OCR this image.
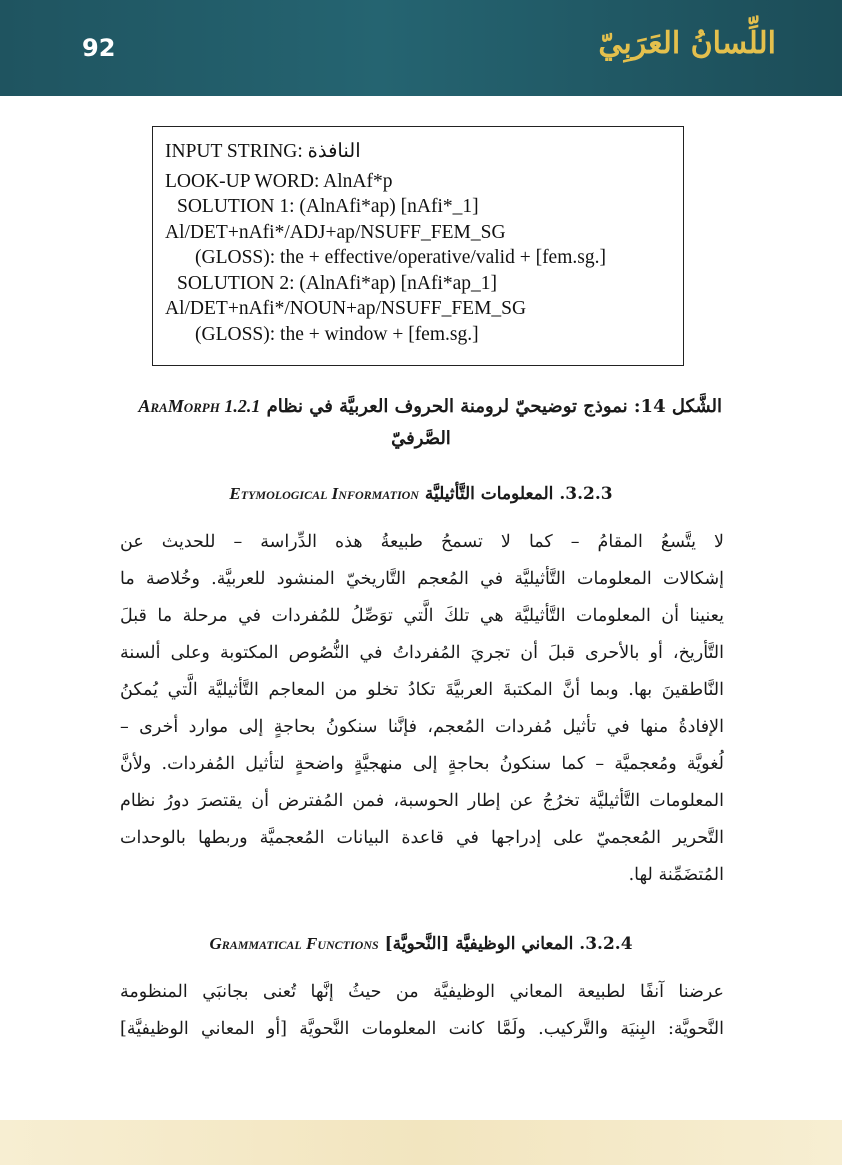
92	اللِّسانُ العَرَبِيّ
INPUT STRING: النافذة
LOOK-UP WORD: AlnAf*p
SOLUTION 1: (AlnAfi*ap) [nAfi*_1]
Al/DET+nAfi*/ADJ+ap/NSUFF_FEM_SG
(GLOSS): the + effective/operative/valid + [fem.sg.]
SOLUTION 2: (AlnAfi*ap) [nAfi*ap_1]
Al/DET+nAfi*/NOUN+ap/NSUFF_FEM_SG
(GLOSS): the + window + [fem.sg.]
الشَّكل 14: نموذج توضيحيّ لرومنة الحروف العربيَّة في نظام AraMorph 1.2.1
الصَّرفيّ
3.2.3. المعلومات التَّأثيليَّة Etymological Information
لا يتَّسعُ المقامُ – كما لا تسمحُ طبيعةُ هذه الدِّراسة – للحديث عن
إشكالات المعلومات التَّأثيليَّة في المُعجم التَّاريخيّ المنشود للعربيَّة. وخُلاصة ما
يعنينا أن المعلومات التَّأثيليَّة هي تلكَ الَّتي توَصِّلُ للمُفردات في مرحلة ما قبلَ
التَّأريخ، أو بالأحرى قبلَ أن تجريَ المُفرداتُ في النُّصُوص المكتوبة وعلى ألسنة
النَّاطقينَ بها. وبما أنَّ المكتبةَ العربيَّةَ تكادُ تخلو من المعاجم التَّأثيليَّة الَّتي يُمكنُ
الإفادةُ منها في تأثيل مُفردات المُعجم، فإنَّنا سنكونُ بحاجةٍ إلى موارد أخرى –
لُغويَّة ومُعجميَّة – كما سنكونُ بحاجةٍ إلى منهجيَّةٍ واضحةٍ لتأثيل المُفردات. ولأنَّ
المعلومات التَّأثيليَّة تخرُجُ عن إطار الحوسبة، فمن المُفترض أن يقتصرَ دورُ نظام
التَّحرير المُعجميّ على إدراجها في قاعدة البيانات المُعجميَّة وربطها بالوحدات
المُتضَمِّنة لها.
3.2.4. المعاني الوظيفيَّة [النَّحويَّة] Grammatical Functions
عرضنا آنفًا لطبيعة المعاني الوظيفيَّة من حيثُ إنَّها تُعنى بجانبَي المنظومة
النَّحويَّة: البِنيَة والتَّركيب. ولَمَّا كانت المعلومات النَّحويَّة [أو المعاني الوظيفيَّة]
